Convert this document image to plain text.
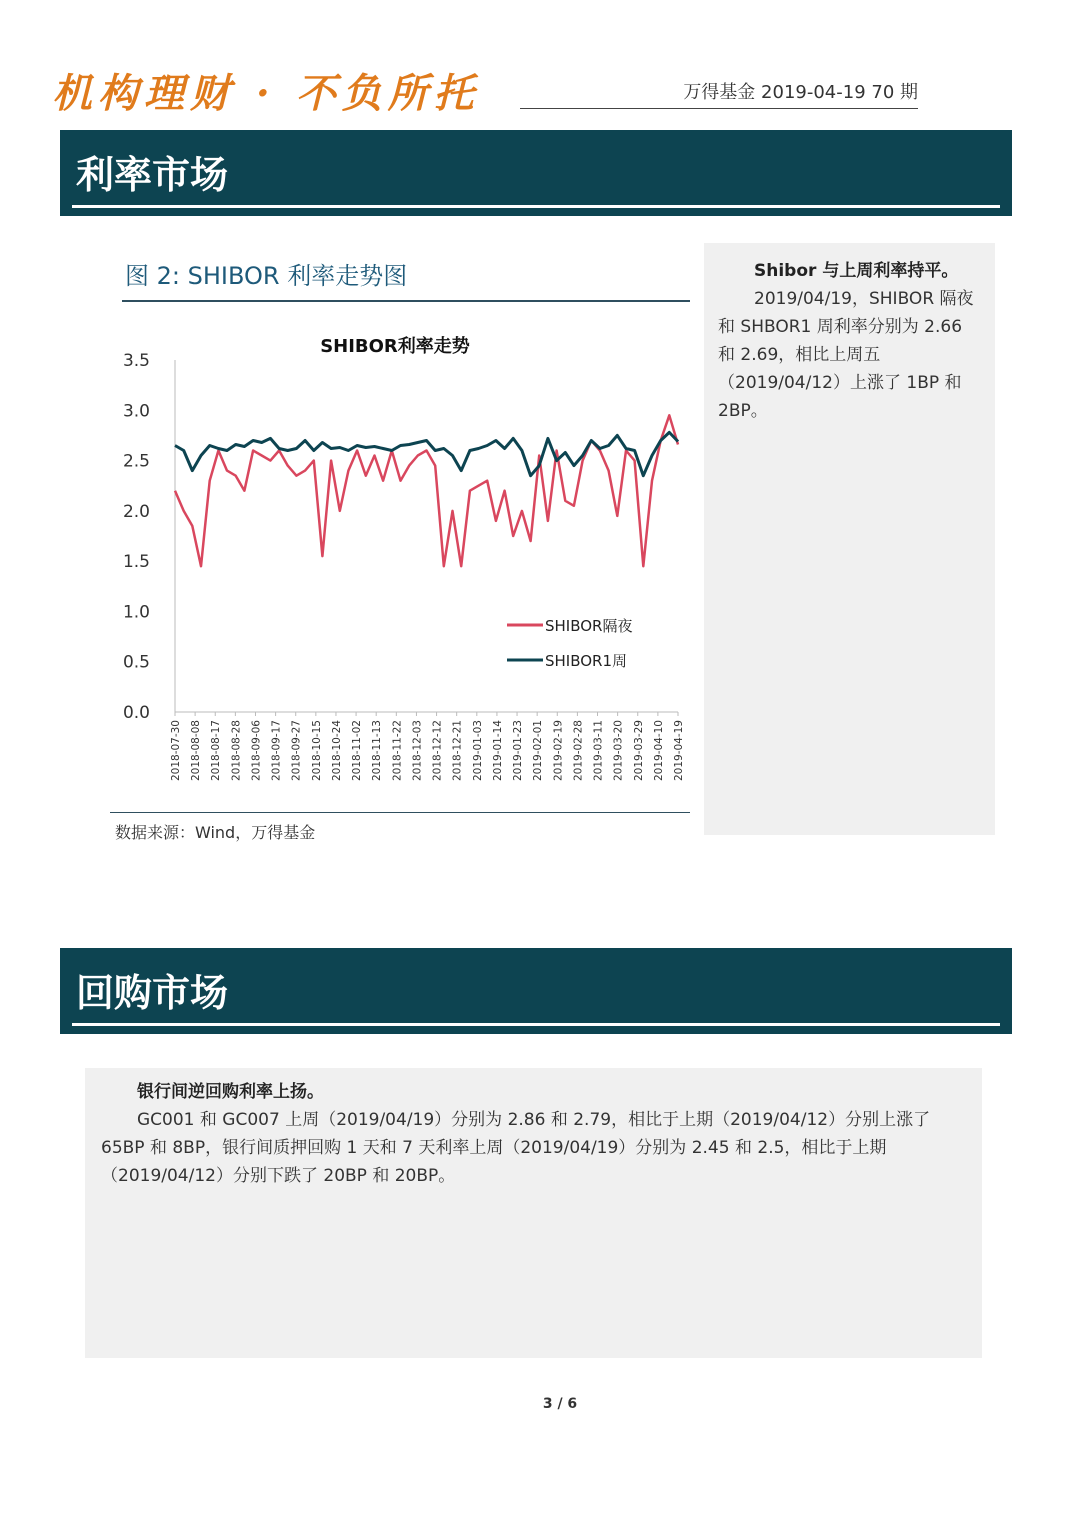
机构理财 · 不负所托	万得基金 2019-04-19 70 期
利率市场
图 2: SHIBOR 利率走势图
SHIBOR利率走势
0.0
0.5
1.0
1.5
2.0
2.5
3.0
3.5
2018-07-30 2018-08-08 2018-08-17 2018-08-28 2018-09-06 2018-09-17 2018-09-27 2018-10-15 2018-10-24 2018-11-02 2018-11-13 2018-11-22 2018-12-03 2018-12-12 2018-12-21 2019-01-03 2019-01-14 2019-01-23 2019-02-01 2019-02-19 2019-02-28 2019-03-11 2019-03-20 2019-03-29 2019-04-10 2019-04-19
SHIBOR隔夜
SHIBOR1周
数据来源：Wind，万得基金
Shibor 与上周利率持平。
2019/04/19，SHIBOR 隔夜和 SHBOR1 周利率分别为 2.66 和 2.69，相比上周五（2019/04/12）上涨了 1BP 和 2BP。
回购市场
银行间逆回购利率上扬。
GC001 和 GC007 上周（2019/04/19）分别为 2.86 和 2.79，相比于上期（2019/04/12）分别上涨了 65BP 和 8BP，银行间质押回购 1 天和 7 天利率上周（2019/04/19）分别为 2.45 和 2.5，相比于上期（2019/04/12）分别下跌了 20BP 和 20BP。
3 / 6
